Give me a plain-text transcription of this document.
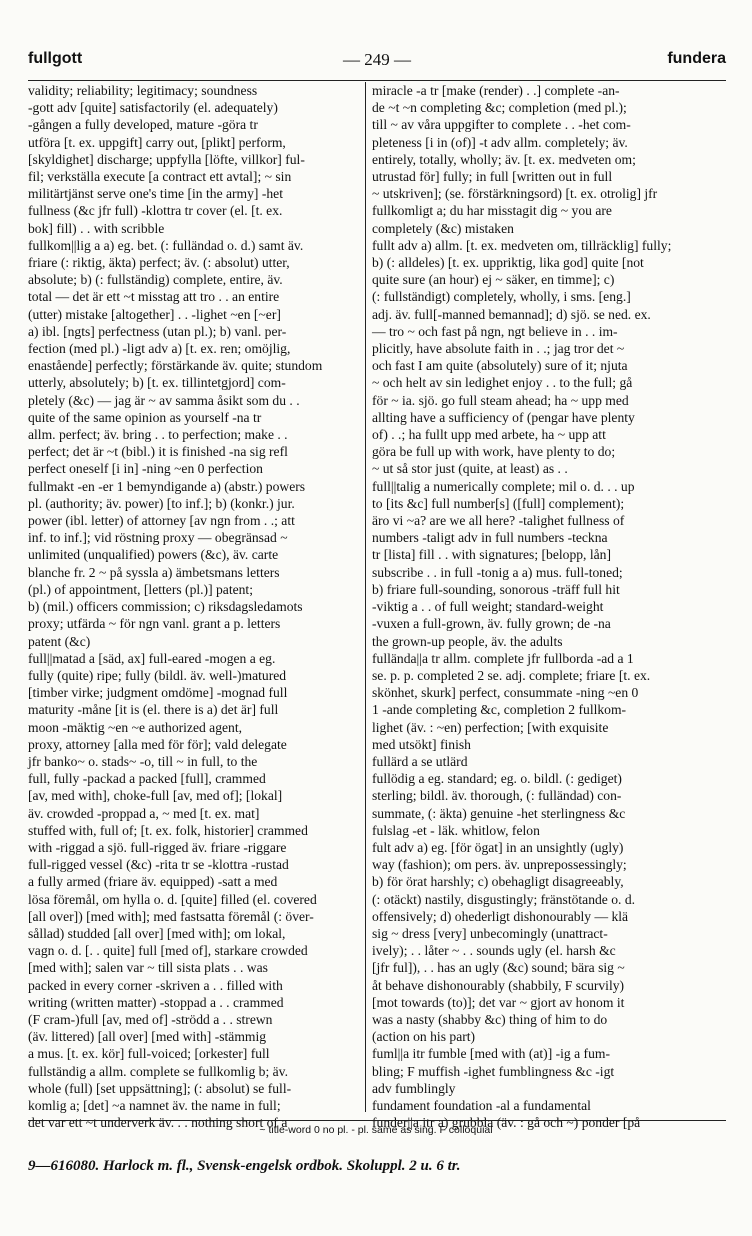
fullgott	— 249 —	fundera
validity; reliability; legitimacy; soundness
-gott adv [quite] satisfactorily (el. adequately)
-gången a fully developed, mature -göra tr
utföra [t. ex. uppgift] carry out, [plikt] perform,
[skyldighet] discharge; uppfylla [löfte, villkor] ful-
fil; verkställa execute [a contract ett avtal]; ~ sin
militärtjänst serve one's time [in the army] -het
fullness (&c jfr full) -klottra tr cover (el. [t. ex.
bok] fill) . . with scribble
fullkom||lig a a) eg. bet. (: fulländad o. d.) samt äv.
friare (: riktig, äkta) perfect; äv. (: absolut) utter,
absolute; b) (: fullständig) complete, entire, äv.
total — det är ett ~t misstag att tro . . an entire
(utter) mistake [altogether] . . -lighet ~en [~er]
a) ibl. [ngts] perfectness (utan pl.); b) vanl. per-
fection (med pl.) -ligt adv a) [t. ex. ren; omöjlig,
enastående] perfectly; förstärkande äv. quite; stundom
utterly, absolutely; b) [t. ex. tillintetgjord] com-
pletely (&c) — jag är ~ av samma åsikt som du . .
quite of the same opinion as yourself -na tr
allm. perfect; äv. bring . . to perfection; make . .
perfect; det är ~t (bibl.) it is finished -na sig refl
perfect oneself [i in] -ning ~en 0 perfection
fullmakt -en -er 1 bemyndigande a) (abstr.) powers
pl. (authority; äv. power) [to inf.]; b) (konkr.) jur.
power (ibl. letter) of attorney [av ngn from . .; att
inf. to inf.]; vid röstning proxy — obegränsad ~
unlimited (unqualified) powers (&c), äv. carte
blanche fr. 2 ~ på sysslа a) ämbetsmans letters
(pl.) of appointment, [letters (pl.)] patent;
b) (mil.) officers commission; c) riksdagsledamots
proxy; utfärda ~ för ngn vanl. grant a p. letters
patent (&c)
full||matad a [säd, ax] full-eared -mogen a eg.
fully (quite) ripe; fully (bildl. äv. well-)matured
[timber virke; judgment omdöme] -mognad full
maturity -måne [it is (el. there is a) det är] full
moon -mäktig ~en ~e authorized agent,
proxy, attorney [alla med för för]; vald delegate
jfr banko~ o. stads~ -o, till ~ in full, to the
full, fully -packad a packed [full], crammed
[av, med with], choke-full [av, med of]; [lokal]
äv. crowded -proppad a, ~ med [t. ex. mat]
stuffed with, full of; [t. ex. folk, historier] crammed
with -riggad a sjö. full-rigged äv. friare -riggare
full-rigged vessel (&c) -rita tr se -klottra -rustad
a fully armed (friare äv. equipped) -satt a med
lösa föremål, om hylla o. d. [quite] filled (el. covered
[all over]) [med with]; med fastsatta föremål (: över-
sållad) studded [all over] [med with]; om lokal,
vagn o. d. [. . quite] full [med of], starkare crowded
[med with]; salen var ~ till sista plats . . was
packed in every corner -skriven a . . filled with
writing (written matter) -stoppad a . . crammed
(F cram-)full [av, med of] -strödd a . . strewn
(äv. littered) [all over] [med with] -stämmig
a mus. [t. ex. kör] full-voiced; [orkester] full
fullständig a allm. complete se fullkomlig b; äv.
whole (full) [set uppsättning]; (: absolut) se full-
komlig a; [det] ~a namnet äv. the name in full;
det var ett ~t underverk äv. . . nothing short of a
miracle -a tr [make (render) . .] complete -an-
de ~t ~n completing &c; completion (med pl.);
till ~ av våra uppgifter to complete . . -het com-
pleteness [i in (of)] -t adv allm. completely; äv.
entirely, totally, wholly; äv. [t. ex. medveten om;
utrustad för] fully; in full [written out in full
~ utskriven]; (se. förstärkningsord) [t. ex. otrolig] jfr
fullkomligt a; du har misstagit dig ~ you are
completely (&c) mistaken
fullt adv a) allm. [t. ex. medveten om, tillräcklig] fully;
b) (: alldeles) [t. ex. uppriktig, lika god] quite [not
quite sure (an hour) ej ~ säker, en timme]; c)
(: fullständigt) completely, wholly, i sms. [eng.]
adj. äv. full[-manned bemannad]; d) sjö. se ned. ex.
— tro ~ och fast på ngn, ngt believe in . . im-
plicitly, have absolute faith in . .; jag tror det ~
och fast I am quite (absolutely) sure of it; njuta
~ och helt av sin ledighet enjoy . . to the full; gå
för ~ ia. sjö. go full steam ahead; ha ~ upp med
allting have a sufficiency of (pengar have plenty
of) . .; ha fullt upp med arbete, ha ~ upp att
göra be full up with work, have plenty to do;
~ ut så stor just (quite, at least) as . .
full||talig a numerically complete; mil o. d. . . up
to [its &c] full number[s] ([full] complement);
äro vi ~a? are we all here? -talighet fullness of
numbers -taligt adv in full numbers -teckna
tr [lista] fill . . with signatures; [belopp, lån]
subscribe . . in full -tonig a a) mus. full-toned;
b) friare full-sounding, sonorous -träff full hit
-viktig a . . of full weight; standard-weight
-vuxen a full-grown, äv. fully grown; de -na
the grown-up people, äv. the adults
fullända||a tr allm. complete jfr fullborda -ad a 1
se. p. p. completed 2 se. adj. complete; friare [t. ex.
skönhet, skurk] perfect, consummate -ning ~en 0
1 -ande completing &c, completion 2 fullkom-
lighet (äv. : ~en) perfection; [with exquisite
med utsökt] finish
fullärd a se utlärd
fullödig a eg. standard; eg. o. bildl. (: gediget)
sterling; bildl. äv. thorough, (: fulländad) con-
summate, (: äkta) genuine -het sterlingness &c
fulslag -et - läk. whitlow, felon
fult adv a) eg. [för ögat] in an unsightly (ugly)
way (fashion); om pers. äv. unprepossessingly;
b) för örat harshly; c) obehagligt disagreeably,
(: otäckt) nastily, disgustingly; fränstötande o. d.
offensively; d) ohederligt dishonourably — klä
sig ~ dress [very] unbecomingly (unattract-
ively); . . låter ~ . . sounds ugly (el. harsh &c
[jfr ful]), . . has an ugly (&c) sound; bära sig ~
åt behave dishonourably (shabbily, F scurvily)
[mot towards (to)]; det var ~ gjort av honom it
was a nasty (shabby &c) thing of him to do
(action on his part)
fuml||a itr fumble [med with (at)] -ig a fum-
bling; F muffish -ighet fumblingness &c -igt
adv fumblingly
fundament foundation -al a fundamental
funder||a itr a) grubbla (äv. : gå och ~) ponder [på
~ title-word 0 no pl. - pl. same as sing. F colloquial
9—616080. Harlock m. fl., Svensk-engelsk ordbok. Skoluppl. 2 u. 6 tr.
